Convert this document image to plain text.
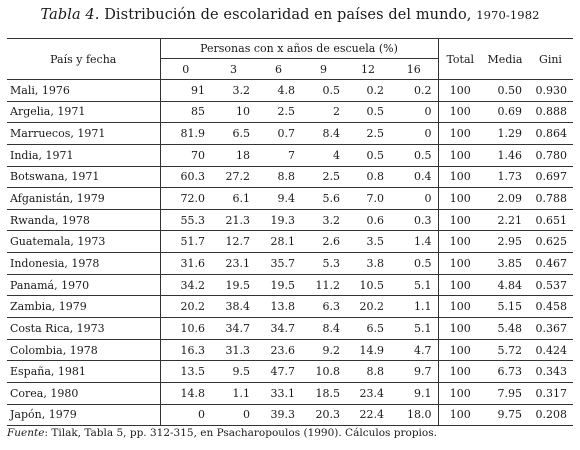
Tabla 4. Distribución de escolaridad en países del mundo, 1970-1982
País y fecha	Personas con x años de escuela (%)						Total	Media	Gini
	0	3	6	9	12	16			
Mali, 1976	91	3.2	4.8	0.5	0.2	0.2	100	0.50	0.930
Argelia, 1971	85	10	2.5	2	0.5	0	100	0.69	0.888
Marruecos, 1971	81.9	6.5	0.7	8.4	2.5	0	100	1.29	0.864
India, 1971	70	18	7	4	0.5	0.5	100	1.46	0.780
Botswana, 1971	60.3	27.2	8.8	2.5	0.8	0.4	100	1.73	0.697
Afganistán, 1979	72.0	6.1	9.4	5.6	7.0	0	100	2.09	0.788
Rwanda, 1978	55.3	21.3	19.3	3.2	0.6	0.3	100	2.21	0.651
Guatemala, 1973	51.7	12.7	28.1	2.6	3.5	1.4	100	2.95	0.625
Indonesia, 1978	31.6	23.1	35.7	5.3	3.8	0.5	100	3.85	0.467
Panamá, 1970	34.2	19.5	19.5	11.2	10.5	5.1	100	4.84	0.537
Zambia, 1979	20.2	38.4	13.8	6.3	20.2	1.1	100	5.15	0.458
Costa Rica, 1973	10.6	34.7	34.7	8.4	6.5	5.1	100	5.48	0.367
Colombia, 1978	16.3	31.3	23.6	9.2	14.9	4.7	100	5.72	0.424
España, 1981	13.5	9.5	47.7	10.8	8.8	9.7	100	6.73	0.343
Corea, 1980	14.8	1.1	33.1	18.5	23.4	9.1	100	7.95	0.317
Japón, 1979	0	0	39.3	20.3	22.4	18.0	100	9.75	0.208
Fuente: Tilak, Tabla 5, pp. 312-315, en Psacharopoulos (1990). Cálculos propios.
